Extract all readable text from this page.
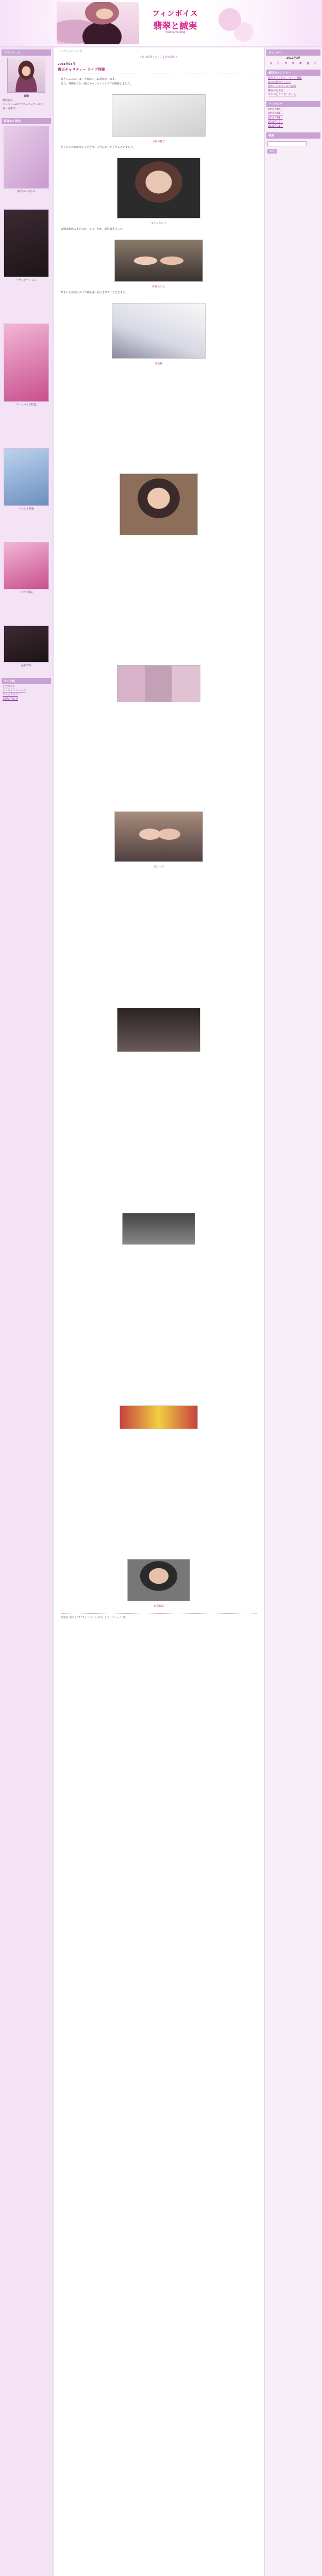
フィンボイス
翡翠と誠実
yokohama blog
プロフィール
翡翠
横浜在住
ジュエリー&フラワーアーティスト
毎日更新中
著書のご案内
新刊のお知らせ
ブラック・ドレス
フィンボイス特集
イベント情報
コラボ商品
最新作品
リンク集
公式サイト
オンラインショップ
ファンクラブ
お問い合わせ
トップページ ＞ 日記
« 前の記事 | メイン | 次の記事 »
2011年03月
震災チャリティー ライブ開催
皆さんこんにちは。今日は少しお話があります。
先日、仲間たちと一緒にチャリティーライブを開催しました。
会場の様子
たくさんの方が来てくださり、本当にありがとうございました。
ステージにて
会場は横浜の小さなホールでしたが、満員御礼でした。
仲間たちと
集まった募金はすべて被災地へ届けさせていただきます。
募金箱
打ち上げ
記念撮影
投稿者 翡翠 | 22:15 | コメント (0) | トラックバック (0)
カレンダー
2011年3月
日	月	火	水	木	金	土
最近のエントリー
震災チャリティー ライブ開催
春のお花のアレンジ
新作ジュエリーのご紹介
横浜の街歩き
ありがとうございました
アーカイブ
2011年03月
2011年02月
2011年01月
2010年12月
2010年11月
検索
検索
